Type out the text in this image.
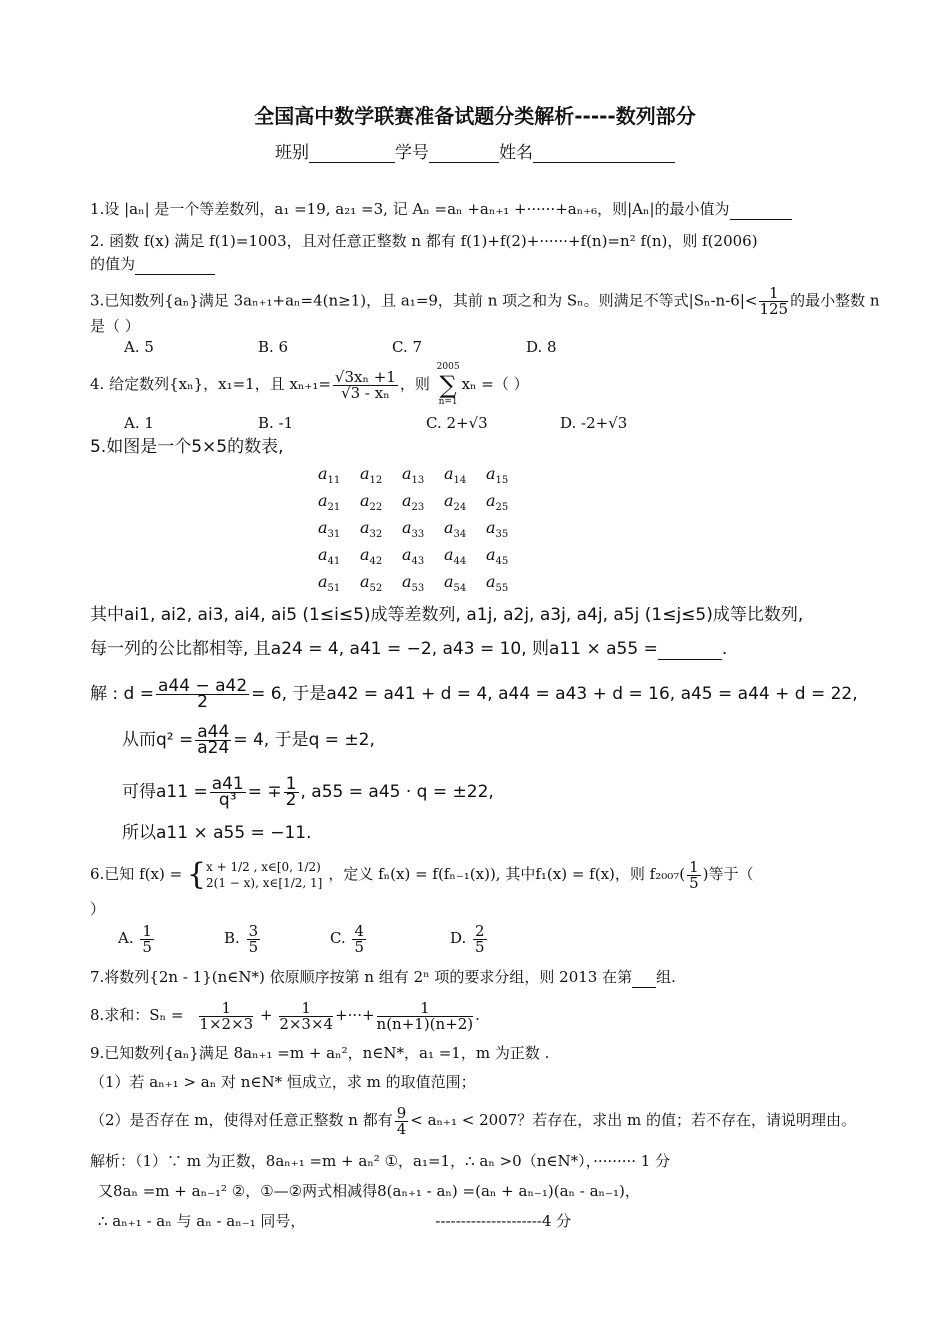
全国高中数学联赛准备试题分类解析-----数列部分
班别	学号	姓名
1.设 |aₙ| 是一个等差数列，a₁ =19, a₂₁ =3, 记 Aₙ =aₙ +aₙ₊₁ +······+aₙ₊₆，则|Aₙ|的最小值为
2. 函数 f(x) 满足 f(1)=1003，且对任意正整数 n 都有 f(1)+f(2)+······+f(n)=n² f(n)，则 f(2006)
的值为
3.已知数列{aₙ}满足 3aₙ₊₁+aₙ=4(n≥1)，且 a₁=9，其前 n 项之和为 Sₙ。则满足不等式$|S_n-n-6|< \frac{1}{125}$ 的最小整数 n
是（ ）
A. 5	B. 6	C. 7	D. 8
4. 给定数列{xₙ}，x₁=1，且 $x_{n+1}= \frac{\text{√3xₙ +1}}{\text{√3 - xₙ}}$ ，则
2005
∑
n=1
xₙ =（ ）
A. 1	B. -1	C. 2+√3	D. -2+√3
5.如图是一个5×5的数表,
$a_{11}$	$a_{12}$	$a_{13}$	$a_{14}$	$a_{15}$
$a_{21}$	$a_{22}$	$a_{23}$	$a_{24}$	$a_{25}$
$a_{31}$	$a_{32}$	$a_{33}$	$a_{34}$	$a_{35}$
$a_{41}$	$a_{42}$	$a_{43}$	$a_{44}$	$a_{45}$
$a_{51}$	$a_{52}$	$a_{53}$	$a_{54}$	$a_{55}$
其中ai1, ai2, ai3, ai4, ai5 (1≤i≤5)成等差数列, a1j, a2j, a3j, a4j, a5j (1≤j≤5)成等比数列,
每一列的公比都相等, 且a24 = 4, a41 = −2, a43 = 10, 则a11 × a55 =	.
解 : $d = \frac{a44 - a42}{2} = 6$, 于是a42 = a41 + d = 4, a44 = a43 + d = 16, a45 = a44 + d = 22,
从而$q^2 = \frac{a44}{a24} = 4$, 于是q = ±2,
可得$a11 = \frac{a41}{\text{q³}}$ = ∓ $\frac{1}{2}$ , a55 = a45 · q = ±22,
所以a11 × a55 = −11.
6.已知 f(x) = { x + 1/2 , x∈[0, 1/2)
2(1 − x), x∈[1/2, 1] ，定义 fₙ(x) = f(fₙ₋₁(x)), 其中f₁(x) = f(x)，则 $f_{2007}( \frac{1}{5}$ )等于（
）
A. $\frac{1}{5}$	B. $\frac{3}{5}$	C. $\frac{4}{5}$	D. $\frac{2}{5}$
7.将数列{2n - 1}(n∈N*) 依原顺序按第 n 组有 2ⁿ 项的要求分组，则 2013 在第 组.
8.求和：$S_n = \frac{1}{1\times 2\times 3} + \frac{1}{2\times 3\times 4}$ +···+ $\frac{1}{n(n+1)(n+2)}$ .
9.已知数列{aₙ}满足 8aₙ₊₁ =m + aₙ²，n∈N*，a₁ =1，m 为正数 .
（1）若 aₙ₊₁ > aₙ 对 n∈N* 恒成立，求 m 的取值范围；
（2）是否存在 m，使得对任意正整数 n 都有 $\frac{9}{4} < a_{n+1} < 2007$？若存在，求出 m 的值；若不存在，请说明理由。
解析：（1）∵ m 为正数，8aₙ₊₁ =m + aₙ² ①，a₁=1，∴ aₙ >0（n∈N*），········· 1 分
又8aₙ =m + aₙ₋₁² ②，①—②两式相减得8(aₙ₊₁ - aₙ) =(aₙ + aₙ₋₁)(aₙ - aₙ₋₁)，
∴ aₙ₊₁ - aₙ 与 aₙ - aₙ₋₁ 同号，	---------------------4 分
